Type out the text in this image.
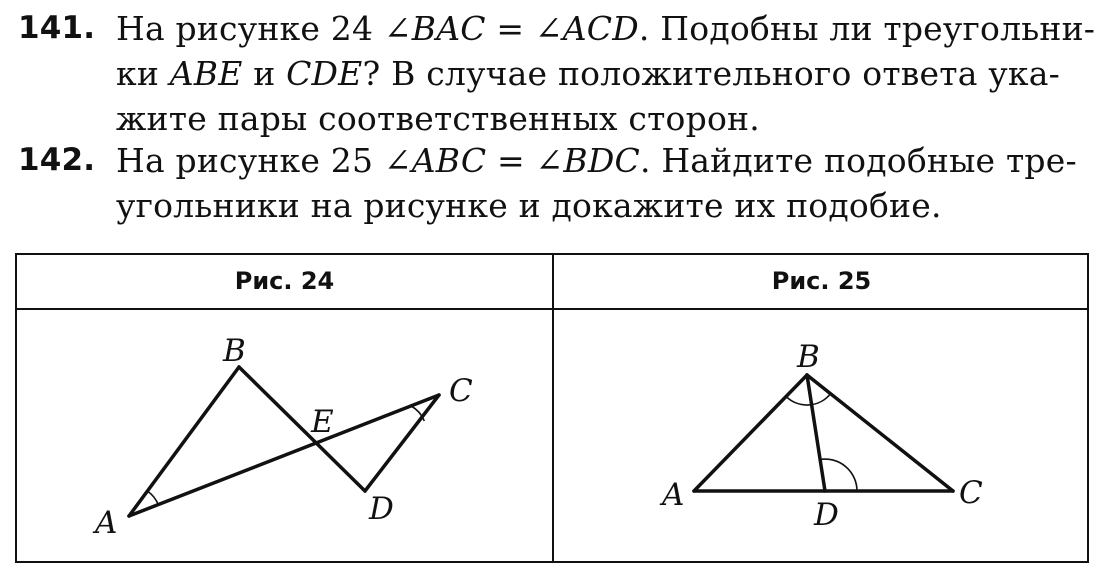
141. На рисунке 24 ∠BAC = ∠ACD. Подобны ли треугольни-
ки ABE и CDE? В случае положительного ответа ука-
жите пары соответственных сторон.
142. На рисунке 25 ∠ABC = ∠BDC. Найдите подобные тре-
угольники на рисунке и докажите их подобие.
Рис. 24	Рис. 25
B
E
C
D
A
B
A
D
C
